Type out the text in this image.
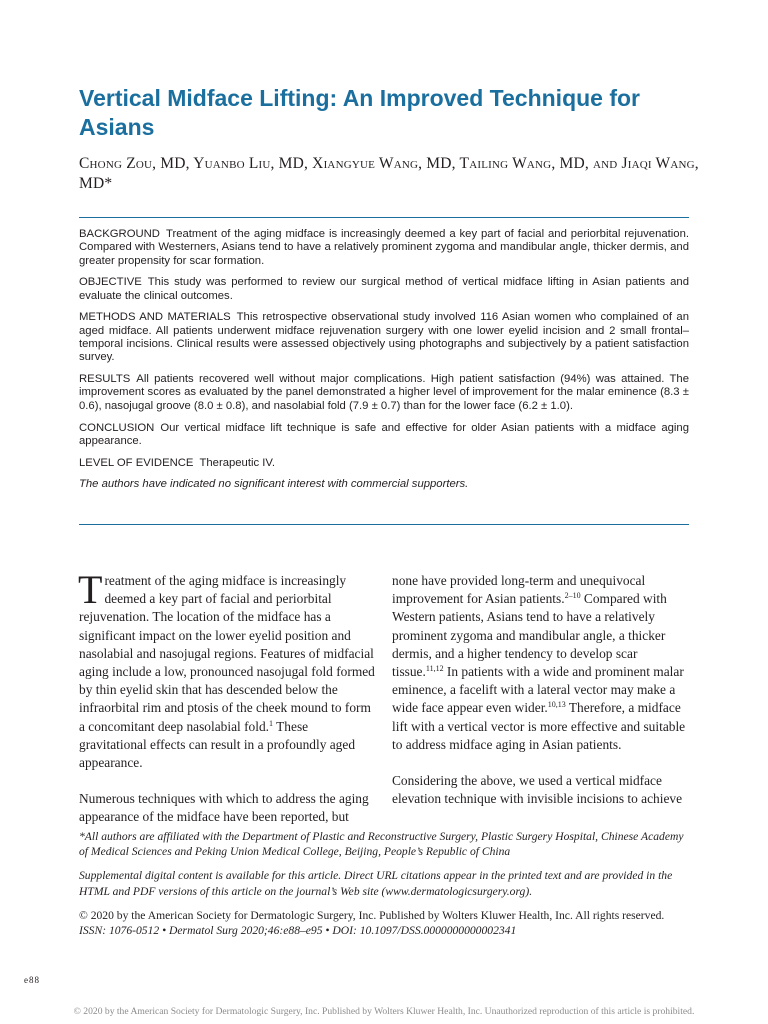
Vertical Midface Lifting: An Improved Technique for Asians

Chong Zou, MD, Yuanbo Liu, MD, Xiangyue Wang, MD, Tailing Wang, MD, and Jiaqi Wang, MD*

BACKGROUND Treatment of the aging midface is increasingly deemed a key part of facial and periorbital rejuvenation. Compared with Westerners, Asians tend to have a relatively prominent zygoma and mandibular angle, thicker dermis, and greater propensity for scar formation.

OBJECTIVE This study was performed to review our surgical method of vertical midface lifting in Asian patients and evaluate the clinical outcomes.

METHODS AND MATERIALS This retrospective observational study involved 116 Asian women who complained of an aged midface. All patients underwent midface rejuvenation surgery with one lower eyelid incision and 2 small frontal–temporal incisions. Clinical results were assessed objectively using photographs and subjectively by a patient satisfaction survey.

RESULTS All patients recovered well without major complications. High patient satisfaction (94%) was attained. The improvement scores as evaluated by the panel demonstrated a higher level of improvement for the malar eminence (8.3 ± 0.6), nasojugal groove (8.0 ± 0.8), and nasolabial fold (7.9 ± 0.7) than for the lower face (6.2 ± 1.0).

CONCLUSION Our vertical midface lift technique is safe and effective for older Asian patients with a midface aging appearance.

LEVEL OF EVIDENCE Therapeutic IV.

The authors have indicated no significant interest with commercial supporters.

Treatment of the aging midface is increasingly deemed a key part of facial and periorbital rejuvenation. The location of the midface has a significant impact on the lower eyelid position and nasolabial and nasojugal regions. Features of midfacial aging include a low, pronounced nasojugal fold formed by thin eyelid skin that has descended below the infraorbital rim and ptosis of the cheek mound to form a concomitant deep nasolabial fold.$^1$ These gravitational effects can result in a profoundly aged appearance.

Numerous techniques with which to address the aging appearance of the midface have been reported, but

none have provided long-term and unequivocal improvement for Asian patients.$^{2-10}$ Compared with Western patients, Asians tend to have a relatively prominent zygoma and mandibular angle, a thicker dermis, and a higher tendency to develop scar tissue.$^{11,12}$ In patients with a wide and prominent malar eminence, a facelift with a lateral vector may make a wide face appear even wider.$^{10,13}$ Therefore, a midface lift with a vertical vector is more effective and suitable to address midface aging in Asian patients.

Considering the above, we used a vertical midface elevation technique with invisible incisions to achieve

*All authors are affiliated with the Department of Plastic and Reconstructive Surgery, Plastic Surgery Hospital, Chinese Academy of Medical Sciences and Peking Union Medical College, Beijing, People’s Republic of China

Supplemental digital content is available for this article. Direct URL citations appear in the printed text and are provided in the HTML and PDF versions of this article on the journal’s Web site (www.dermatologicsurgery.org).

© 2020 by the American Society for Dermatologic Surgery, Inc. Published by Wolters Kluwer Health, Inc. All rights reserved.
ISSN: 1076-0512 • Dermatol Surg 2020;46:e88–e95 • DOI: 10.1097/DSS.0000000000002341

e88
© 2020 by the American Society for Dermatologic Surgery, Inc. Published by Wolters Kluwer Health, Inc. Unauthorized reproduction of this article is prohibited.
